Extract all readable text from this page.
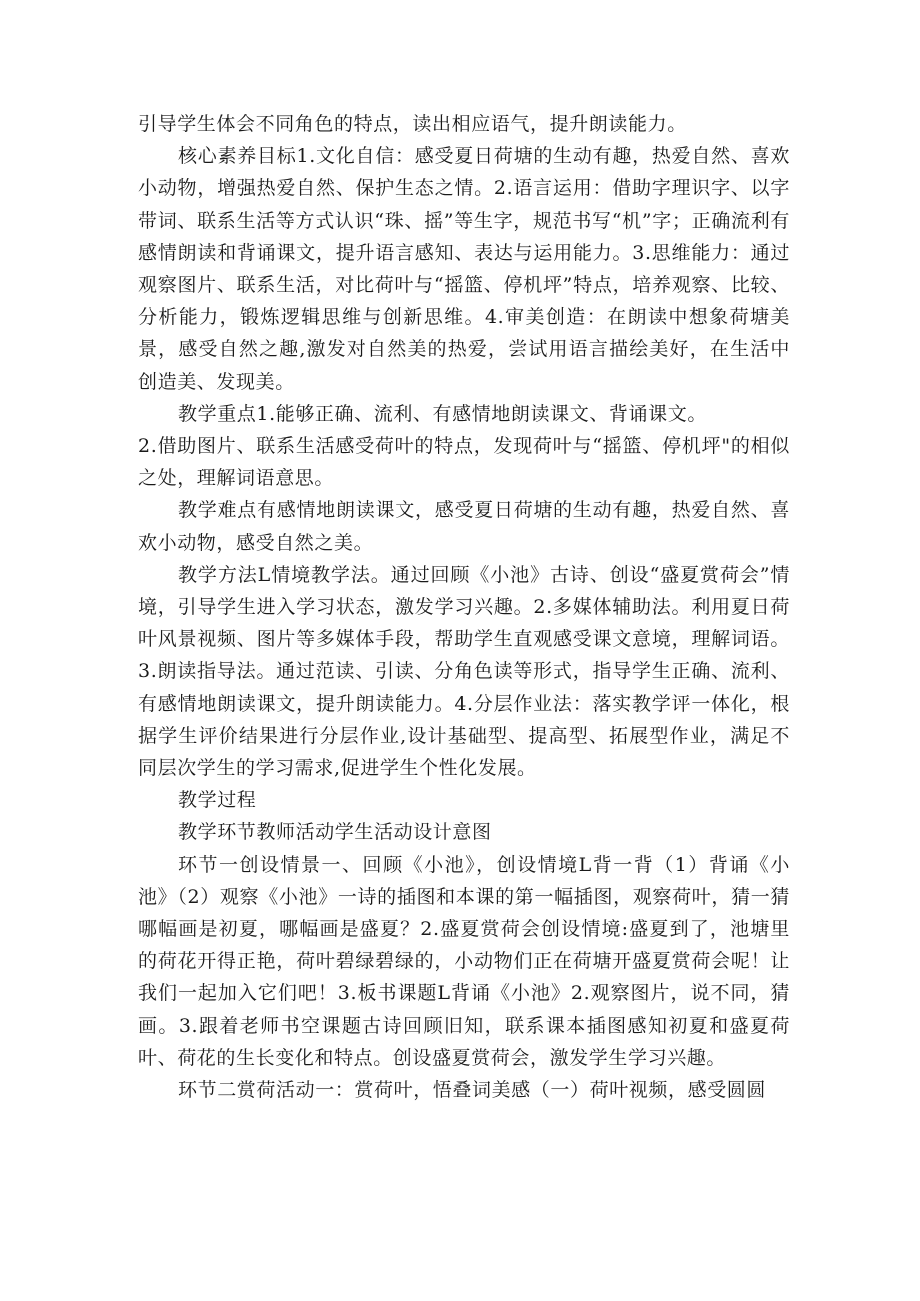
引导学生体会不同角色的特点，读出相应语气，提升朗读能力。

核心素养目标1.文化自信：感受夏日荷塘的生动有趣，热爱自然、喜欢小动物，增强热爱自然、保护生态之情。2.语言运用：借助字理识字、以字带词、联系生活等方式认识“珠、摇”等生字，规范书写“机”字；正确流利有感情朗读和背诵课文，提升语言感知、表达与运用能力。3.思维能力：通过观察图片、联系生活，对比荷叶与“摇篮、停机坪”特点，培养观察、比较、分析能力，锻炼逻辑思维与创新思维。4.审美创造：在朗读中想象荷塘美景，感受自然之趣,激发对自然美的热爱，尝试用语言描绘美好，在生活中创造美、发现美。

教学重点1.能够正确、流利、有感情地朗读课文、背诵课文。

2.借助图片、联系生活感受荷叶的特点，发现荷叶与“摇篮、停机坪"的相似之处，理解词语意思。

教学难点有感情地朗读课文，感受夏日荷塘的生动有趣，热爱自然、喜欢小动物，感受自然之美。

教学方法L情境教学法。通过回顾《小池》古诗、创设“盛夏赏荷会”情境，引导学生进入学习状态，激发学习兴趣。2.多媒体辅助法。利用夏日荷叶风景视频、图片等多媒体手段，帮助学生直观感受课文意境，理解词语。3.朗读指导法。通过范读、引读、分角色读等形式，指导学生正确、流利、有感情地朗读课文，提升朗读能力。4.分层作业法：落实教学评一体化，根据学生评价结果进行分层作业,设计基础型、提高型、拓展型作业，满足不同层次学生的学习需求,促进学生个性化发展。

教学过程

教学环节教师活动学生活动设计意图

环节一创设情景一、回顾《小池》，创设情境L背一背（1）背诵《小池》（2）观察《小池》一诗的插图和本课的第一幅插图，观察荷叶，猜一猜哪幅画是初夏，哪幅画是盛夏？2.盛夏赏荷会创设情境:盛夏到了，池塘里的荷花开得正艳，荷叶碧绿碧绿的，小动物们正在荷塘开盛夏赏荷会呢！让我们一起加入它们吧！3.板书课题L背诵《小池》2.观察图片，说不同，猜画。3.跟着老师书空课题古诗回顾旧知，联系课本插图感知初夏和盛夏荷叶、荷花的生长变化和特点。创设盛夏赏荷会，激发学生学习兴趣。

环节二赏荷活动一：赏荷叶，悟叠词美感（一）荷叶视频，感受圆圆
